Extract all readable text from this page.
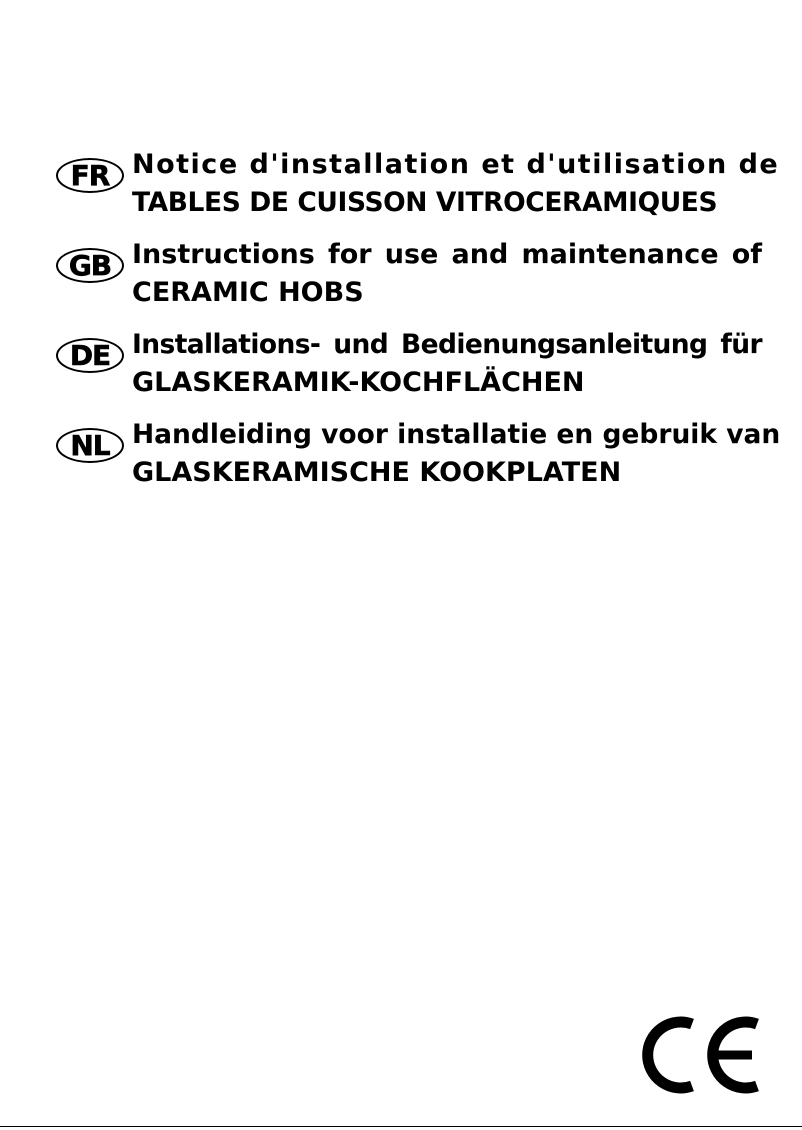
FR Notice d'installation et d'utilisation de
TABLES DE CUISSON VITROCERAMIQUES
GB Instructions for use and maintenance of
CERAMIC HOBS
DE Installations- und Bedienungsanleitung für
GLASKERAMIK-KOCHFLÄCHEN
NL Handleiding voor installatie en gebruik van
GLASKERAMISCHE KOOKPLATEN
